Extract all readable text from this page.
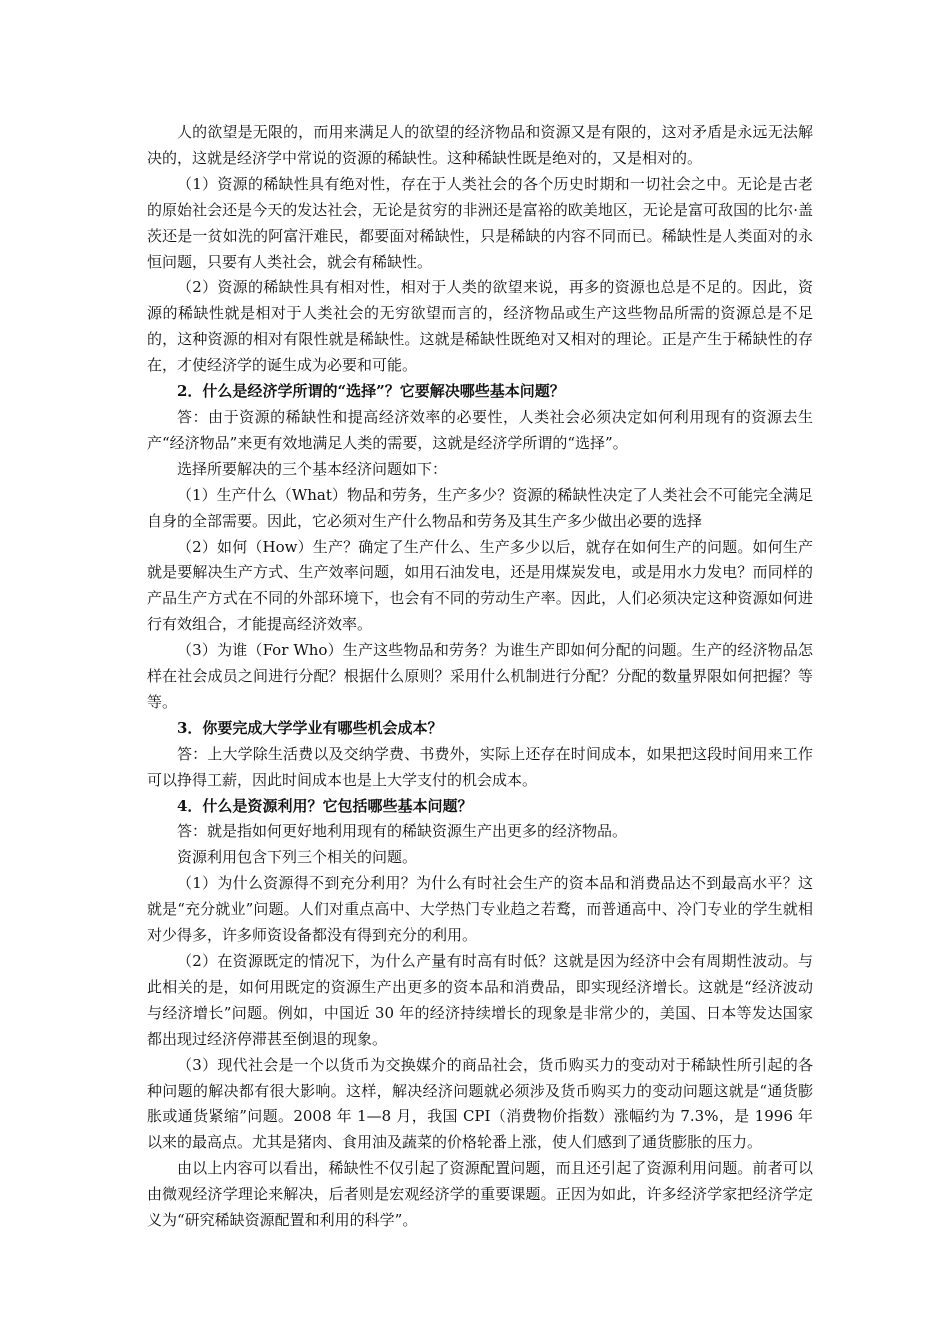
人的欲望是无限的，而用来满足人的欲望的经济物品和资源又是有限的，这对矛盾是永远无法解决的，这就是经济学中常说的资源的稀缺性。这种稀缺性既是绝对的，又是相对的。

（1）资源的稀缺性具有绝对性，存在于人类社会的各个历史时期和一切社会之中。无论是古老的原始社会还是今天的发达社会，无论是贫穷的非洲还是富裕的欧美地区，无论是富可敌国的比尔·盖茨还是一贫如洗的阿富汗难民，都要面对稀缺性，只是稀缺的内容不同而已。稀缺性是人类面对的永恒问题，只要有人类社会，就会有稀缺性。

（2）资源的稀缺性具有相对性，相对于人类的欲望来说，再多的资源也总是不足的。因此，资源的稀缺性就是相对于人类社会的无穷欲望而言的，经济物品或生产这些物品所需的资源总是不足的，这种资源的相对有限性就是稀缺性。这就是稀缺性既绝对又相对的理论。正是产生于稀缺性的存在，才使经济学的诞生成为必要和可能。

2．什么是经济学所谓的“选择”？它要解决哪些基本问题？

答：由于资源的稀缺性和提高经济效率的必要性，人类社会必须决定如何利用现有的资源去生产“经济物品”来更有效地满足人类的需要，这就是经济学所谓的“选择”。

选择所要解决的三个基本经济问题如下：

（1）生产什么（What）物品和劳务，生产多少？资源的稀缺性决定了人类社会不可能完全满足自身的全部需要。因此，它必须对生产什么物品和劳务及其生产多少做出必要的选择

（2）如何（How）生产？确定了生产什么、生产多少以后，就存在如何生产的问题。如何生产就是要解决生产方式、生产效率问题，如用石油发电，还是用煤炭发电，或是用水力发电？而同样的产品生产方式在不同的外部环境下，也会有不同的劳动生产率。因此，人们必须决定这种资源如何进行有效组合，才能提高经济效率。

（3）为谁（For Who）生产这些物品和劳务？为谁生产即如何分配的问题。生产的经济物品怎样在社会成员之间进行分配？根据什么原则？采用什么机制进行分配？分配的数量界限如何把握？等等。

3．你要完成大学学业有哪些机会成本？

答：上大学除生活费以及交纳学费、书费外，实际上还存在时间成本，如果把这段时间用来工作可以挣得工薪，因此时间成本也是上大学支付的机会成本。

4．什么是资源利用？它包括哪些基本问题？

答：就是指如何更好地利用现有的稀缺资源生产出更多的经济物品。

资源利用包含下列三个相关的问题。

（1）为什么资源得不到充分利用？为什么有时社会生产的资本品和消费品达不到最高水平？这就是“充分就业”问题。人们对重点高中、大学热门专业趋之若鹜，而普通高中、冷门专业的学生就相对少得多，许多师资设备都没有得到充分的利用。

（2）在资源既定的情况下，为什么产量有时高有时低？这就是因为经济中会有周期性波动。与此相关的是，如何用既定的资源生产出更多的资本品和消费品，即实现经济增长。这就是“经济波动与经济增长”问题。例如，中国近 30 年的经济持续增长的现象是非常少的，美国、日本等发达国家都出现过经济停滞甚至倒退的现象。

（3）现代社会是一个以货币为交换媒介的商品社会，货币购买力的变动对于稀缺性所引起的各种问题的解决都有很大影响。这样，解决经济问题就必须涉及货币购买力的变动问题这就是“通货膨胀或通货紧缩”问题。2008 年 1—8 月，我国 CPI（消费物价指数）涨幅约为 7.3%，是 1996 年以来的最高点。尤其是猪肉、食用油及蔬菜的价格轮番上涨，使人们感到了通货膨胀的压力。

由以上内容可以看出，稀缺性不仅引起了资源配置问题，而且还引起了资源利用问题。前者可以由微观经济学理论来解决，后者则是宏观经济学的重要课题。正因为如此，许多经济学家把经济学定义为“研究稀缺资源配置和利用的科学”。
